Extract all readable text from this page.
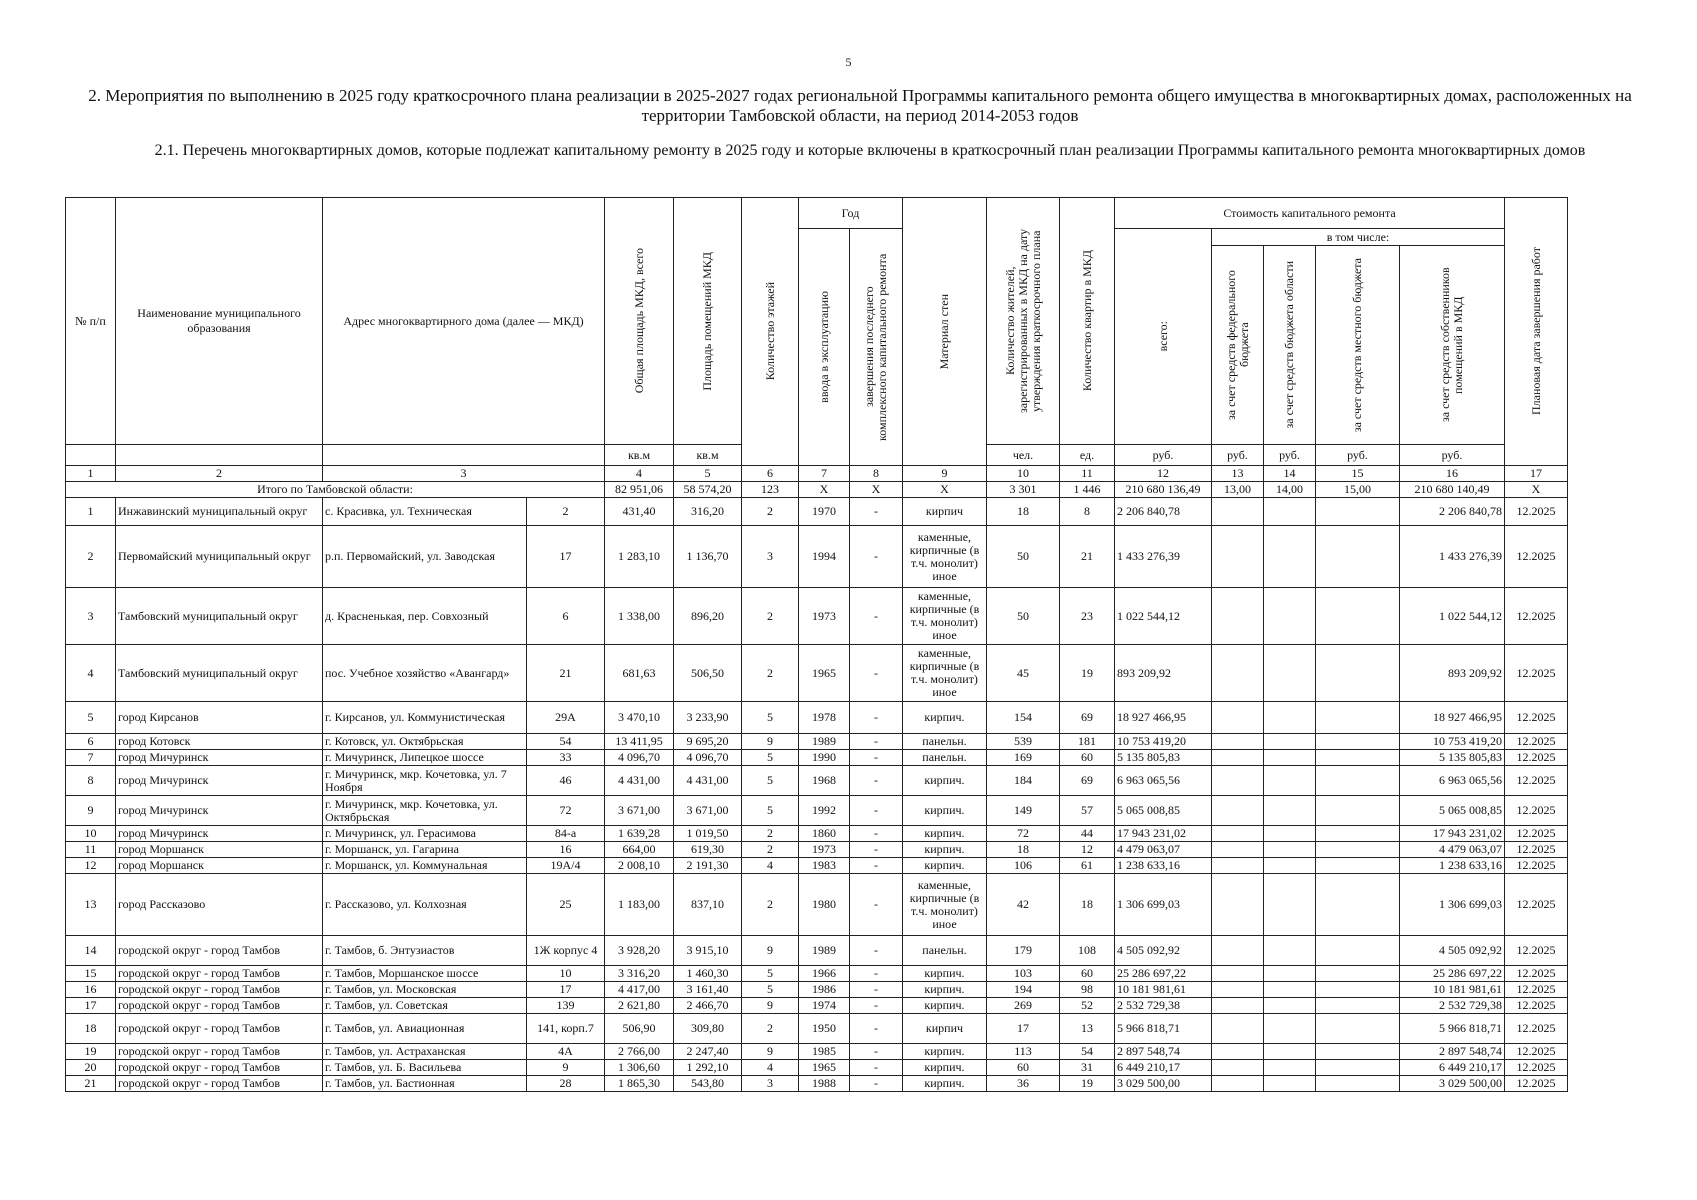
5
2. Мероприятия по выполнению в 2025 году краткосрочного плана реализации в 2025-2027 годах региональной Программы капитального ремонта общего имущества в многоквартирных домах, расположенных на территории Тамбовской области, на период 2014-2053 годов
2.1. Перечень многоквартирных домов, которые подлежат капитальному ремонту в 2025 году и которые включены в краткосрочный план реализации Программы капитального ремонта многоквартирных домов
№ п/п	Наименование муниципального образования	Адрес многоквартирного дома (далее — МКД)		Общая площадь МКД, всего	Площадь помещений МКД	Количество этажей	Год		Материал стен	Количество жителей, зарегистрированных в МКД на дату утверждения краткосрочного плана	Количество квартир в МКД	Стоимость капитального ремонта					Плановая дата завершения работ

							ввода в эксплуатацию	завершения последнего комплексного капитального ремонта				всего:	в том числе:				

													за счет средств федерального бюджета	за счет средств бюджета области	за счет средств местного бюджета	за счет средств собственников помещений в МКД	

				кв.м	кв.м					чел.	ед.	руб.	руб.	руб.	руб.	руб.	
1	2	3		4	5	6	7	8	9	10	11	12	13	14	15	16	17
Итого по Тамбовской области:				82 951,06	58 574,20	123	Х	Х	Х	3 301	1 446	210 680 136,49	13,00	14,00	15,00	210 680 140,49	Х
1	Инжавинский муниципальный округ	с. Красивка, ул. Техническая	2	431,40	316,20	2	1970	-	кирпич	18	8	2 206 840,78				2 206 840,78	12.2025
2	Первомайский муниципальный округ	р.п. Первомайский, ул. Заводская	17	1 283,10	1 136,70	3	1994	-	каменные, кирпичные (в т.ч. монолит) иное	50	21	1 433 276,39				1 433 276,39	12.2025
3	Тамбовский муниципальный округ	д. Красненькая, пер. Совхозный	6	1 338,00	896,20	2	1973	-	каменные, кирпичные (в т.ч. монолит) иное	50	23	1 022 544,12				1 022 544,12	12.2025
4	Тамбовский муниципальный округ	пос. Учебное хозяйство «Авангард»	21	681,63	506,50	2	1965	-	каменные, кирпичные (в т.ч. монолит) иное	45	19	893 209,92				893 209,92	12.2025
5	город Кирсанов	г. Кирсанов, ул. Коммунистическая	29А	3 470,10	3 233,90	5	1978	-	кирпич.	154	69	18 927 466,95				18 927 466,95	12.2025
6	город Котовск	г. Котовск, ул. Октябрьская	54	13 411,95	9 695,20	9	1989	-	панельн.	539	181	10 753 419,20				10 753 419,20	12.2025
7	город Мичуринск	г. Мичуринск, Липецкое шоссе	33	4 096,70	4 096,70	5	1990	-	панельн.	169	60	5 135 805,83				5 135 805,83	12.2025
8	город Мичуринск	г. Мичуринск, мкр. Кочетовка, ул. 7 Ноября	46	4 431,00	4 431,00	5	1968	-	кирпич.	184	69	6 963 065,56				6 963 065,56	12.2025
9	город Мичуринск	г. Мичуринск, мкр. Кочетовка, ул. Октябрьская	72	3 671,00	3 671,00	5	1992	-	кирпич.	149	57	5 065 008,85				5 065 008,85	12.2025
10	город Мичуринск	г. Мичуринск, ул. Герасимова	84-а	1 639,28	1 019,50	2	1860	-	кирпич.	72	44	17 943 231,02				17 943 231,02	12.2025
11	город Моршанск	г. Моршанск, ул. Гагарина	16	664,00	619,30	2	1973	-	кирпич.	18	12	4 479 063,07				4 479 063,07	12.2025
12	город Моршанск	г. Моршанск, ул. Коммунальная	19А/4	2 008,10	2 191,30	4	1983	-	кирпич.	106	61	1 238 633,16				1 238 633,16	12.2025
13	город Рассказово	г. Рассказово, ул. Колхозная	25	1 183,00	837,10	2	1980	-	каменные, кирпичные (в т.ч. монолит) иное	42	18	1 306 699,03				1 306 699,03	12.2025
14	городской округ - город Тамбов	г. Тамбов, б. Энтузиастов	1Ж корпус 4	3 928,20	3 915,10	9	1989	-	панельн.	179	108	4 505 092,92				4 505 092,92	12.2025
15	городской округ - город Тамбов	г. Тамбов, Моршанское шоссе	10	3 316,20	1 460,30	5	1966	-	кирпич.	103	60	25 286 697,22				25 286 697,22	12.2025
16	городской округ - город Тамбов	г. Тамбов, ул. Московская	17	4 417,00	3 161,40	5	1986	-	кирпич.	194	98	10 181 981,61				10 181 981,61	12.2025
17	городской округ - город Тамбов	г. Тамбов, ул. Советская	139	2 621,80	2 466,70	9	1974	-	кирпич.	269	52	2 532 729,38				2 532 729,38	12.2025
18	городской округ - город Тамбов	г. Тамбов, ул. Авиационная	141, корп.7	506,90	309,80	2	1950	-	кирпич	17	13	5 966 818,71				5 966 818,71	12.2025
19	городской округ - город Тамбов	г. Тамбов, ул. Астраханская	4А	2 766,00	2 247,40	9	1985	-	кирпич.	113	54	2 897 548,74				2 897 548,74	12.2025
20	городской округ - город Тамбов	г. Тамбов, ул. Б. Васильева	9	1 306,60	1 292,10	4	1965	-	кирпич.	60	31	6 449 210,17				6 449 210,17	12.2025
21	городской округ - город Тамбов	г. Тамбов, ул. Бастионная	28	1 865,30	543,80	3	1988	-	кирпич.	36	19	3 029 500,00				3 029 500,00	12.2025
